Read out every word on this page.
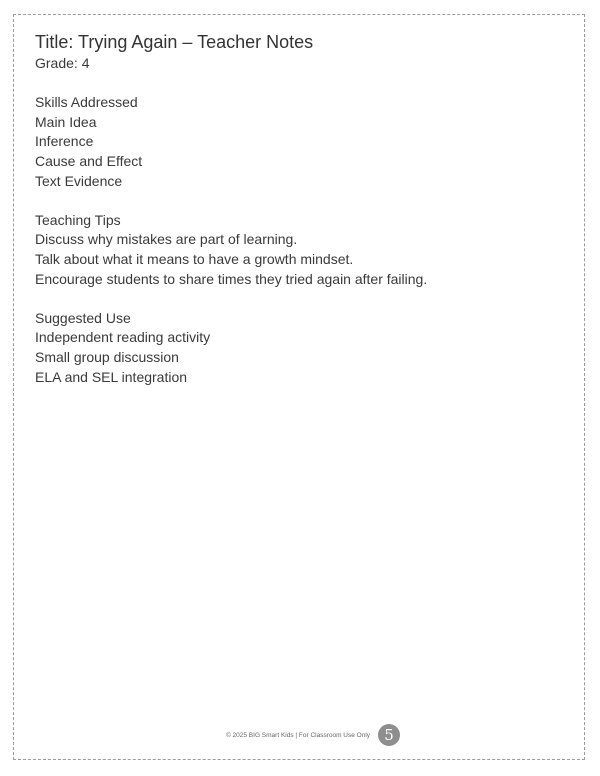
Title: Trying Again – Teacher Notes

Grade: 4

Skills Addressed
Main Idea
Inference
Cause and Effect
Text Evidence
Teaching Tips
Discuss why mistakes are part of learning.
Talk about what it means to have a growth mindset.
Encourage students to share times they tried again after failing.
Suggested Use
Independent reading activity
Small group discussion
ELA and SEL integration
© 2025 BIG Smart Kids | For Classroom Use Only 5
